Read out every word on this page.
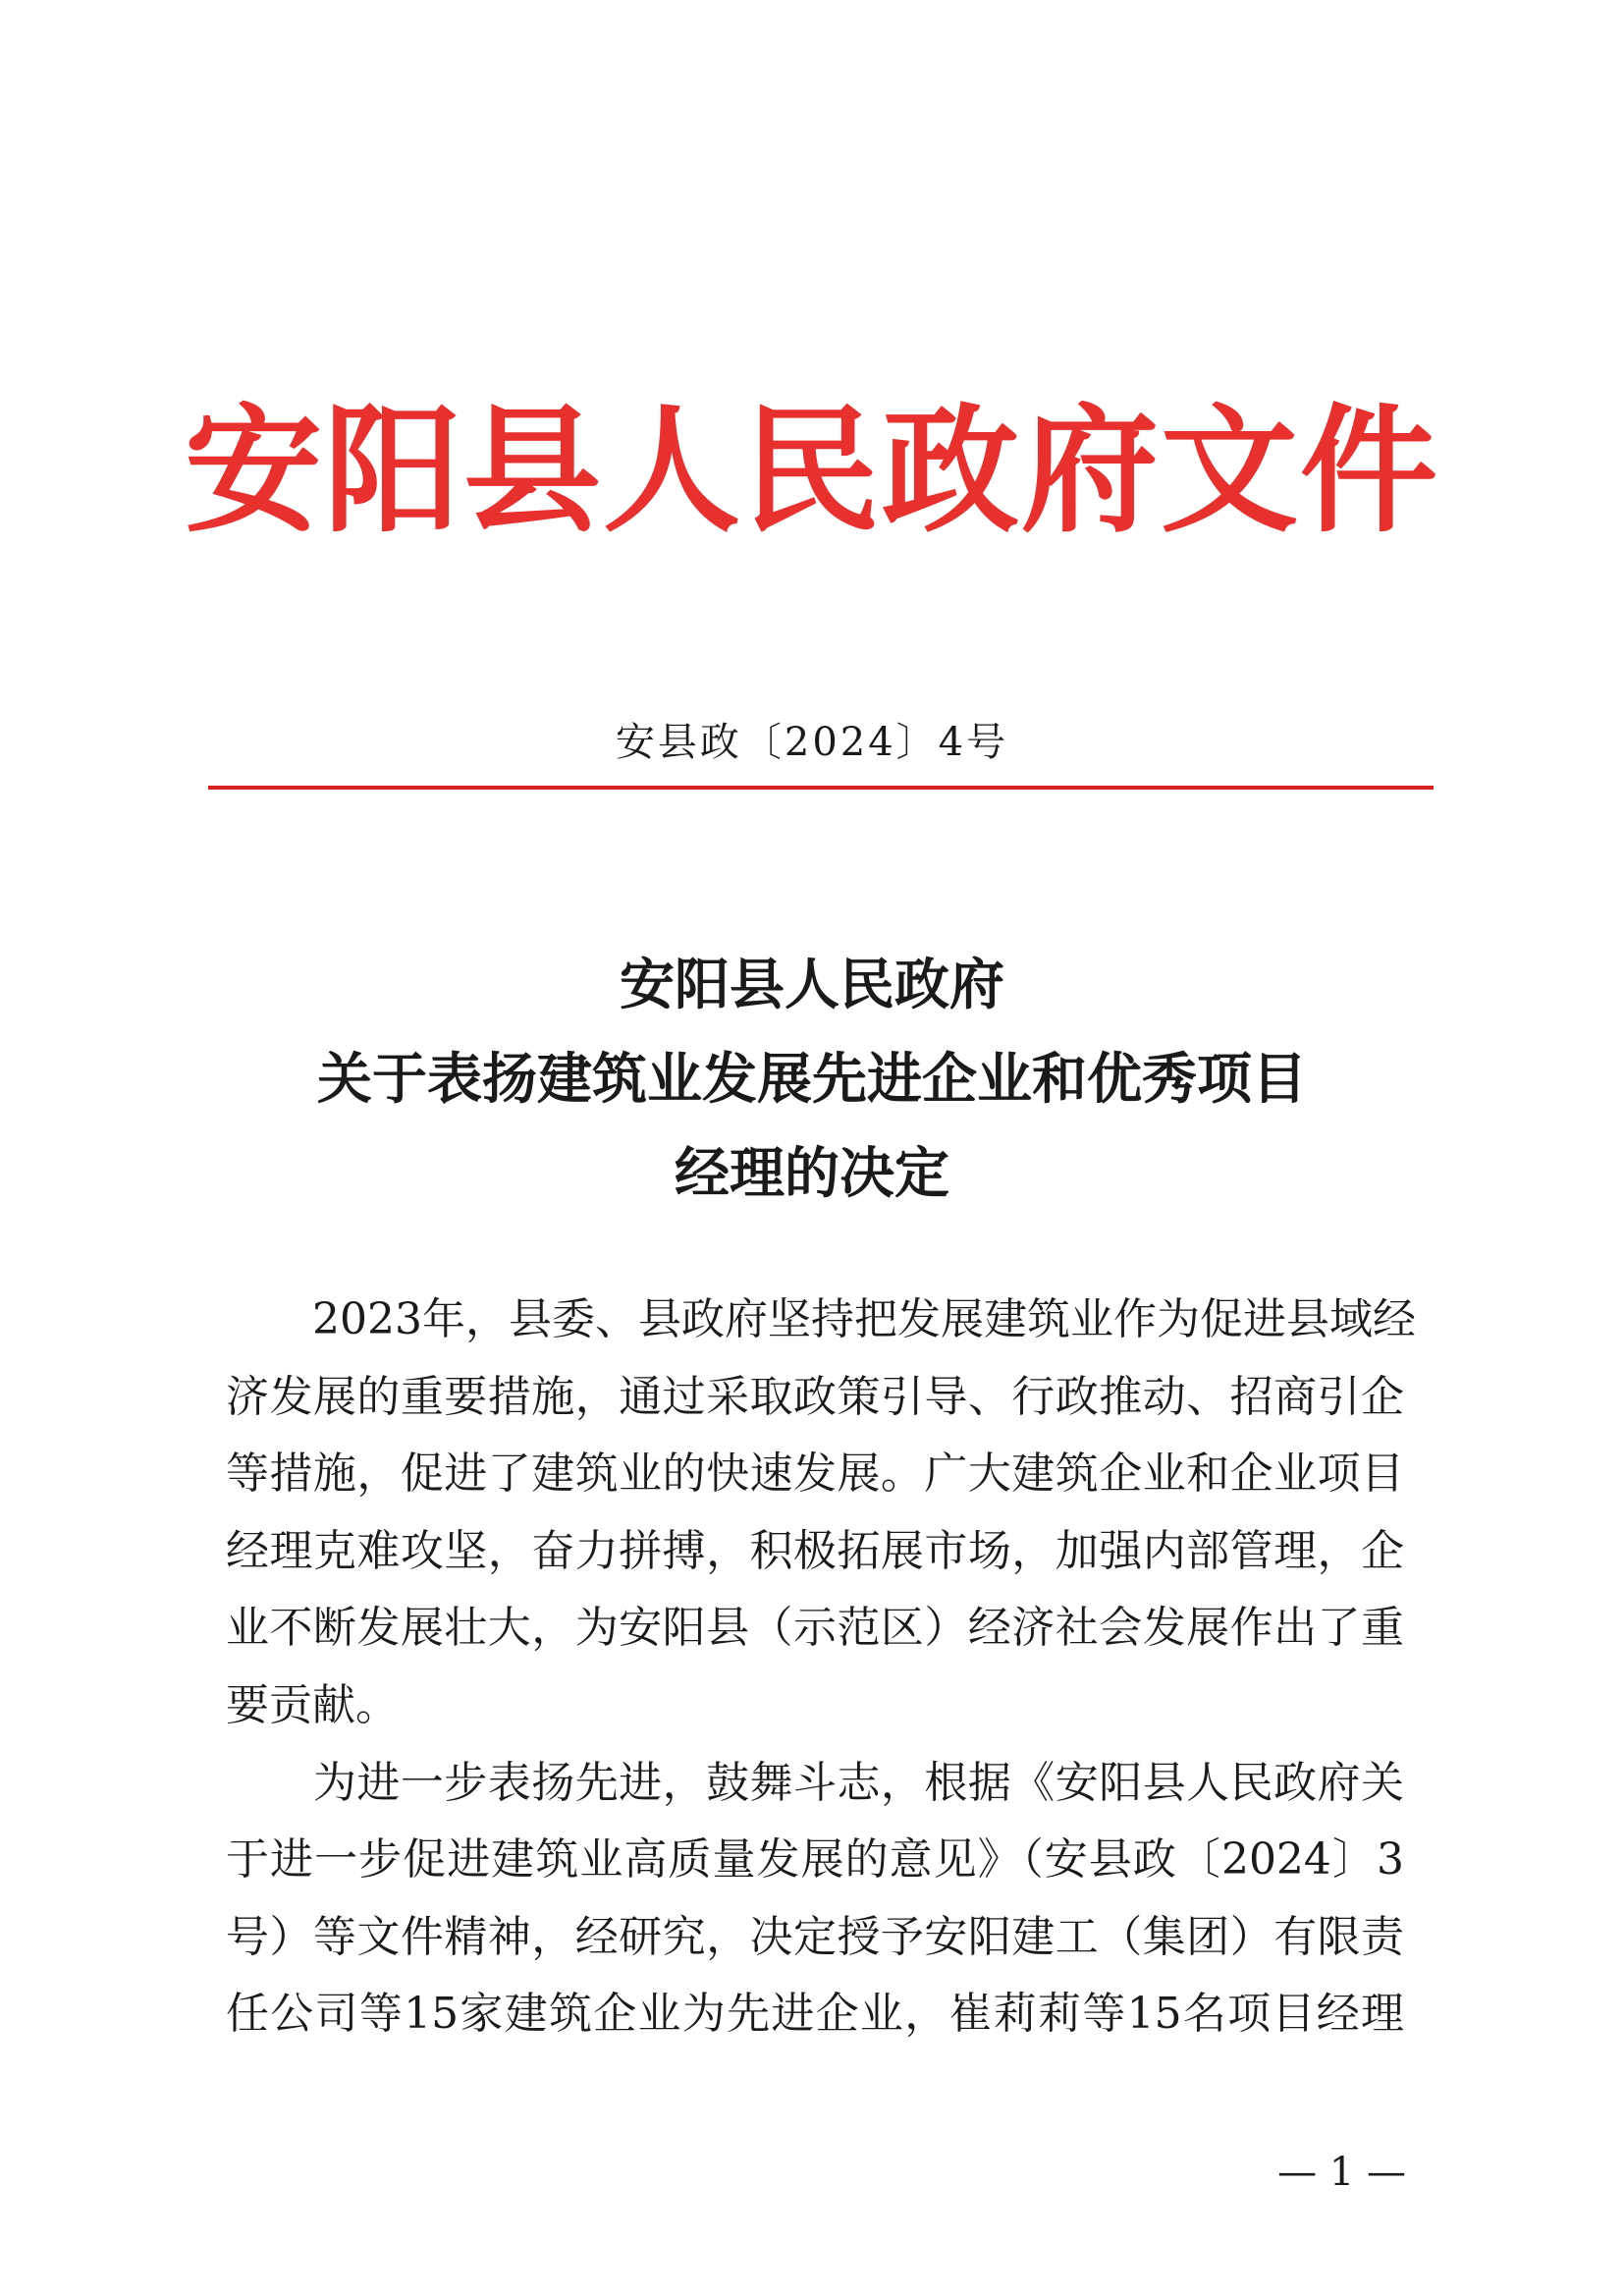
安阳县人民政府文件
安县政〔2024〕4号
安阳县人民政府
关于表扬建筑业发展先进企业和优秀项目
经理的决定
　　2023年，县委、县政府坚持把发展建筑业作为促进县域经
济发展的重要措施，通过采取政策引导、行政推动、招商引企
等措施，促进了建筑业的快速发展。广大建筑企业和企业项目
经理克难攻坚，奋力拼搏，积极拓展市场，加强内部管理，企
业不断发展壮大，为安阳县（示范区）经济社会发展作出了重
要贡献。
　　为进一步表扬先进，鼓舞斗志，根据《安阳县人民政府关
于进一步促进建筑业高质量发展的意见》（安县政〔2024〕3
号）等文件精神，经研究，决定授予安阳建工（集团）有限责
任公司等15家建筑企业为先进企业，崔莉莉等15名项目经理
— 1 —
